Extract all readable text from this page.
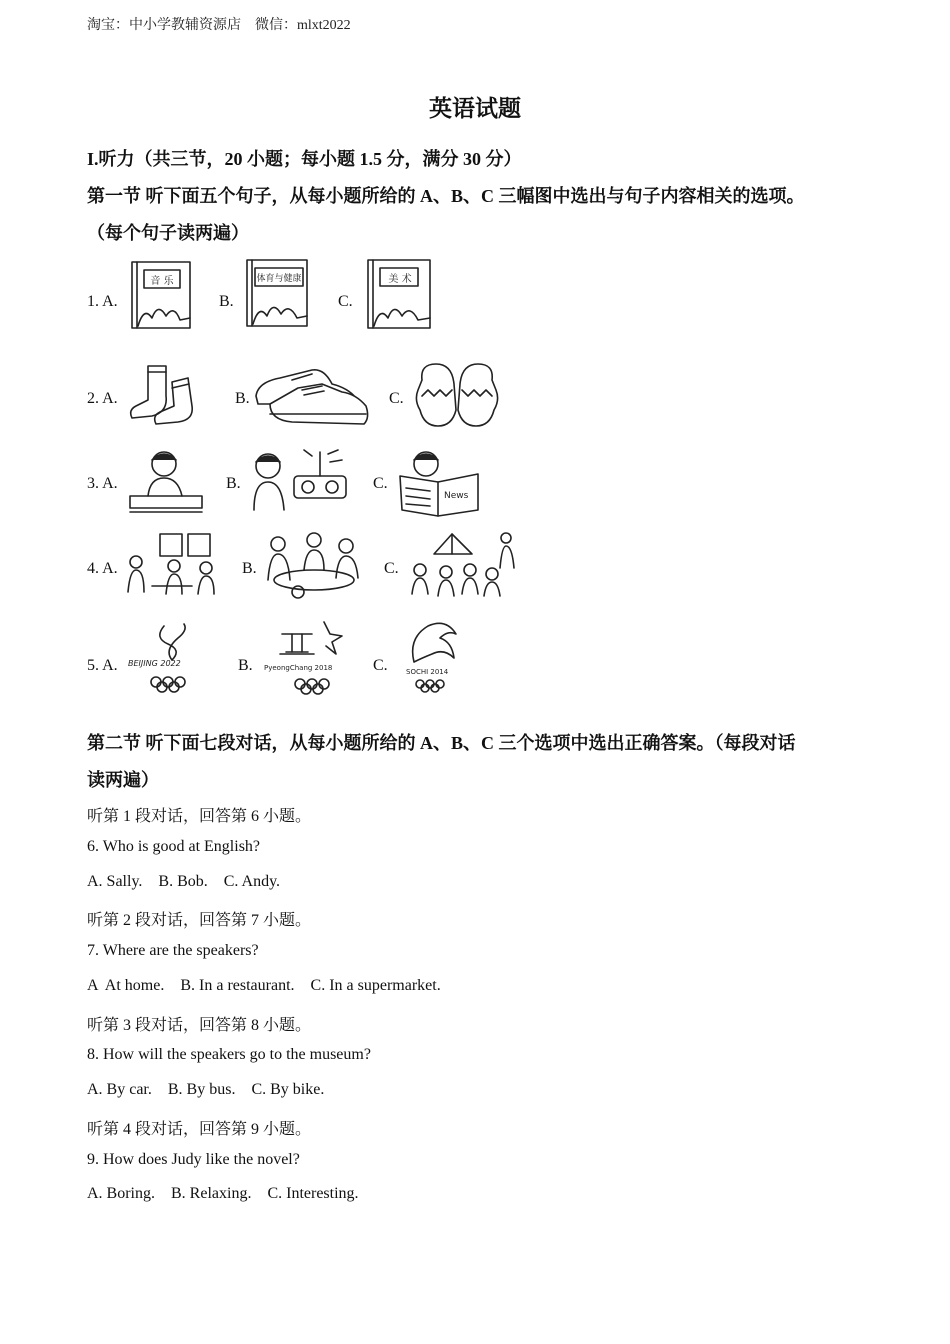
淘宝：中小学教辅资源店　微信：mlxt2022
英语试题
I.听力（共三节，20 小题；每小题 1.5 分，满分 30 分）
第一节 听下面五个句子，从每小题所给的 A、B、C 三幅图中选出与句子内容相关的选项。
（每个句子读两遍）
1. A.
音 乐
B.
体育与健康
C.
美 术
2. A.	B.	C.
3. A.	B.	C.
News
4. A.	B.	C.
5. A. BEIJING 2022	B. PyeongChang 2018	C.	SOCHI 2014
第二节 听下面七段对话，从每小题所给的 A、B、C 三个选项中选出正确答案。（每段对话
读两遍）
听第 1 段对话，回答第 6 小题。
6. Who is good at English?
A. Sally.    B. Bob.    C. Andy.
听第 2 段对话，回答第 7 小题。
7. Where are the speakers?
A  At home.    B. In a restaurant.    C. In a supermarket.
听第 3 段对话，回答第 8 小题。
8. How will the speakers go to the museum?
A. By car.    B. By bus.    C. By bike.
听第 4 段对话，回答第 9 小题。
9. How does Judy like the novel?
A. Boring.    B. Relaxing.    C. Interesting.
